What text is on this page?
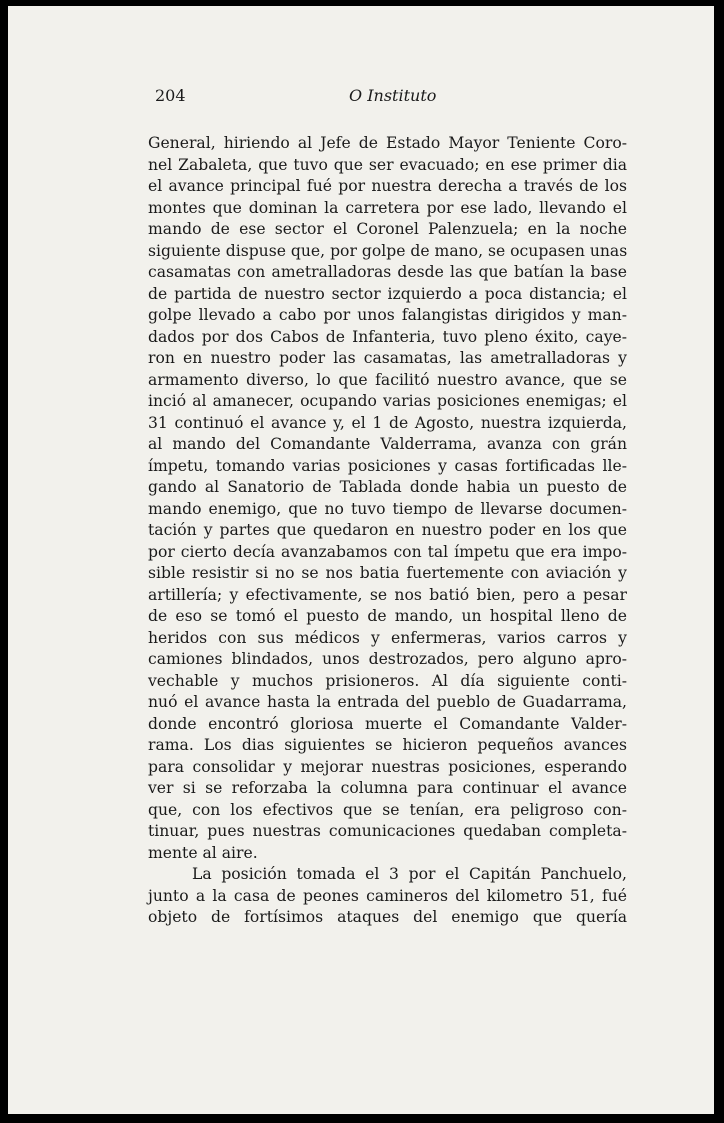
204	O Instituto
General, hiriendo al Jefe de Estado Mayor Teniente Coro-
nel Zabaleta, que tuvo que ser evacuado; en ese primer dia
el avance principal fué por nuestra derecha a través de los
montes que dominan la carretera por ese lado, llevando el
mando de ese sector el Coronel Palenzuela; en la noche
siguiente dispuse que, por golpe de mano, se ocupasen unas
casamatas con ametralladoras desde las que batían la base
de partida de nuestro sector izquierdo a poca distancia; el
golpe llevado a cabo por unos falangistas dirigidos y man-
dados por dos Cabos de Infanteria, tuvo pleno éxito, caye-
ron en nuestro poder las casamatas, las ametralladoras y
armamento diverso, lo que facilitó nuestro avance, que se
inció al amanecer, ocupando varias posiciones enemigas; el
31 continuó el avance y, el 1 de Agosto, nuestra izquierda,
al mando del Comandante Valderrama, avanza con grán
ímpetu, tomando varias posiciones y casas fortificadas lle-
gando al Sanatorio de Tablada donde habia un puesto de
mando enemigo, que no tuvo tiempo de llevarse documen-
tación y partes que quedaron en nuestro poder en los que
por cierto decía avanzabamos con tal ímpetu que era impo-
sible resistir si no se nos batia fuertemente con aviación y
artillería; y efectivamente, se nos batió bien, pero a pesar
de eso se tomó el puesto de mando, un hospital lleno de
heridos con sus médicos y enfermeras, varios carros y
camiones blindados, unos destrozados, pero alguno apro-
vechable y muchos prisioneros. Al día siguiente conti-
nuó el avance hasta la entrada del pueblo de Guadarrama,
donde encontró gloriosa muerte el Comandante Valder-
rama. Los dias siguientes se hicieron pequeños avances
para consolidar y mejorar nuestras posiciones, esperando
ver si se reforzaba la columna para continuar el avance
que, con los efectivos que se tenían, era peligroso con-
tinuar, pues nuestras comunicaciones quedaban completa-
mente al aire.
La posición tomada el 3 por el Capitán Panchuelo,
junto a la casa de peones camineros del kilometro 51, fué
objeto de fortísimos ataques del enemigo que quería
